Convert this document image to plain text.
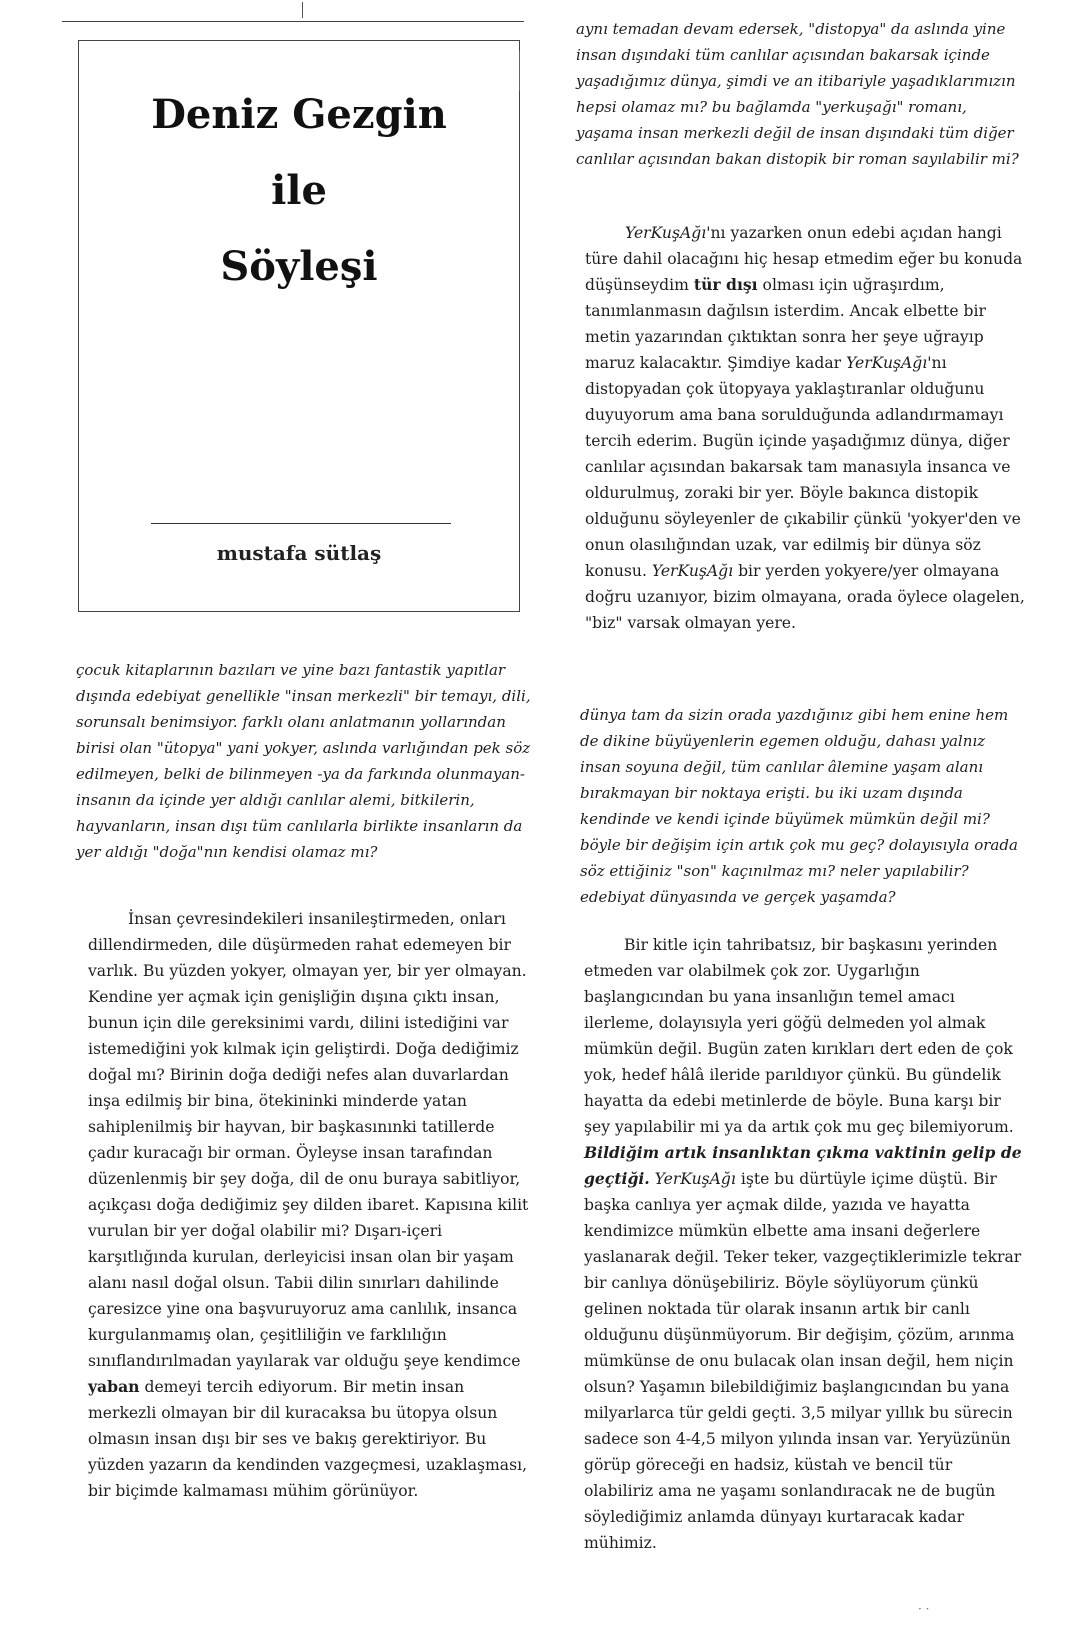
Deniz Gezgin
ile
Söyleşi
mustafa sütlaş

aynı temadan devam edersek, "distopya" da aslında yine insan dışındaki tüm canlılar açısından bakarsak içinde yaşadığımız dünya, şimdi ve an itibariyle yaşadıklarımızın hepsi olamaz mı? bu bağlamda "yerkuşağı" romanı, yaşama insan merkezli değil de insan dışındaki tüm diğer canlılar açısından bakan distopik bir roman sayılabilir mi?

YerKuşAğı'nı yazarken onun edebi açıdan hangi türe dahil olacağını hiç hesap etmedim eğer bu konuda düşünseydim tür dışı olması için uğraşırdım, tanımlanmasın dağılsın isterdim. Ancak elbette bir metin yazarından çıktıktan sonra her şeye uğrayıp maruz kalacaktır. Şimdiye kadar YerKuşAğı'nı distopyadan çok ütopyaya yaklaştıranlar olduğunu duyuyorum ama bana sorulduğunda adlandırmamayı tercih ederim. Bugün içinde yaşadığımız dünya, diğer canlılar açısından bakarsak tam manasıyla insanca ve oldurulmuş, zoraki bir yer. Böyle bakınca distopik olduğunu söyleyenler de çıkabilir çünkü 'yokyer'den ve onun olasılığından uzak, var edilmiş bir dünya söz konusu. YerKuşAğı bir yerden yokyere/yer olmayana doğru uzanıyor, bizim olmayana, orada öylece olagelen, "biz" varsak olmayan yere.

çocuk kitaplarının bazıları ve yine bazı fantastik yapıtlar dışında edebiyat genellikle "insan merkezli" bir temayı, dili, sorunsalı benimsiyor. farklı olanı anlatmanın yollarından birisi olan "ütopya" yani yokyer, aslında varlığından pek söz edilmeyen, belki de bilinmeyen -ya da farkında olunmayan- insanın da içinde yer aldığı canlılar alemi, bitkilerin, hayvanların, insan dışı tüm canlılarla birlikte insanların da yer aldığı "doğa"nın kendisi olamaz mı?

İnsan çevresindekileri insanileştirmeden, onları dillendirmeden, dile düşürmeden rahat edemeyen bir varlık. Bu yüzden yokyer, olmayan yer, bir yer olmayan. Kendine yer açmak için genişliğin dışına çıktı insan, bunun için dile gereksinimi vardı, dilini istediğini var istemediğini yok kılmak için geliştirdi. Doğa dediğimiz doğal mı? Birinin doğa dediği nefes alan duvarlardan inşa edilmiş bir bina, ötekininki minderde yatan sahiplenilmiş bir hayvan, bir başkasınınki tatillerde çadır kuracağı bir orman. Öyleyse insan tarafından düzenlenmiş bir şey doğa, dil de onu buraya sabitliyor, açıkçası doğa dediğimiz şey dilden ibaret. Kapısına kilit vurulan bir yer doğal olabilir mi? Dışarı-içeri karşıtlığında kurulan, derleyicisi insan olan bir yaşam alanı nasıl doğal olsun. Tabii dilin sınırları dahilinde çaresizce yine ona başvuruyoruz ama canlılık, insanca kurgulanmamış olan, çeşitliliğin ve farklılığın sınıflandırılmadan yayılarak var olduğu şeye kendimce yaban demeyi tercih ediyorum. Bir metin insan merkezli olmayan bir dil kuracaksa bu ütopya olsun olmasın insan dışı bir ses ve bakış gerektiriyor. Bu yüzden yazarın da kendinden vazgeçmesi, uzaklaşması, bir biçimde kalmaması mühim görünüyor.

dünya tam da sizin orada yazdığınız gibi hem enine hem de dikine büyüyenlerin egemen olduğu, dahası yalnız insan soyuna değil, tüm canlılar âlemine yaşam alanı bırakmayan bir noktaya erişti. bu iki uzam dışında kendinde ve kendi içinde büyümek mümkün değil mi? böyle bir değişim için artık çok mu geç? dolayısıyla orada söz ettiğiniz "son" kaçınılmaz mı? neler yapılabilir? edebiyat dünyasında ve gerçek yaşamda?

Bir kitle için tahribatsız, bir başkasını yerinden etmeden var olabilmek çok zor. Uygarlığın başlangıcından bu yana insanlığın temel amacı ilerleme, dolayısıyla yeri göğü delmeden yol almak mümkün değil. Bugün zaten kırıkları dert eden de çok yok, hedef hâlâ ileride parıldıyor çünkü. Bu gündelik hayatta da edebi metinlerde de böyle. Buna karşı bir şey yapılabilir mi ya da artık çok mu geç bilemiyorum. Bildiğim artık insanlıktan çıkma vaktinin gelip de geçtiği. YerKuşAğı işte bu dürtüyle içime düştü. Bir başka canlıya yer açmak dilde, yazıda ve hayatta kendimizce mümkün elbette ama insani değerlere yaslanarak değil. Teker teker, vazgeçtiklerimizle tekrar bir canlıya dönüşebiliriz. Böyle söylüyorum çünkü gelinen noktada tür olarak insanın artık bir canlı olduğunu düşünmüyorum. Bir değişim, çözüm, arınma mümkünse de onu bulacak olan insan değil, hem niçin olsun? Yaşamın bilebildiğimiz başlangıcından bu yana milyarlarca tür geldi geçti. 3,5 milyar yıllık bu sürecin sadece son 4-4,5 milyon yılında insan var. Yeryüzünün görüp göreceği en hadsiz, küstah ve bencil tür olabiliriz ama ne yaşamı sonlandıracak ne de bugün söylediğimiz anlamda dünyayı kurtaracak kadar mühimiz.

· ·
